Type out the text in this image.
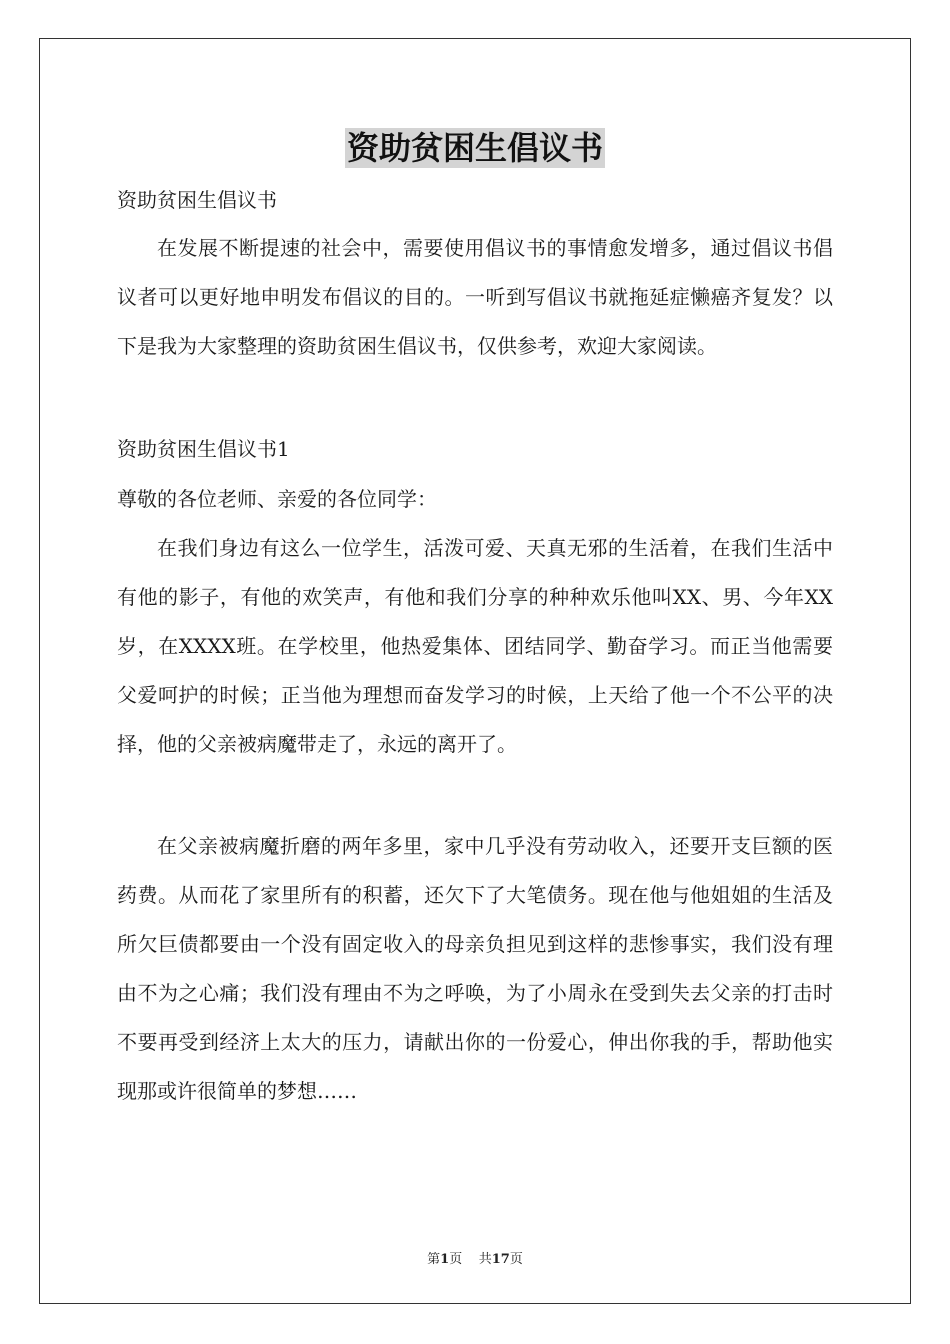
资助贫困生倡议书
资助贫困生倡议书
在发展不断提速的社会中，需要使用倡议书的事情愈发增多，通过倡议书倡议者可以更好地申明发布倡议的目的。一听到写倡议书就拖延症懒癌齐复发？以下是我为大家整理的资助贫困生倡议书，仅供参考，欢迎大家阅读。
资助贫困生倡议书1
尊敬的各位老师、亲爱的各位同学：
在我们身边有这么一位学生，活泼可爱、天真无邪的生活着，在我们生活中有他的影子，有他的欢笑声，有他和我们分享的种种欢乐他叫XX、男、今年XX岁，在XXXX班。在学校里，他热爱集体、团结同学、勤奋学习。而正当他需要父爱呵护的时候；正当他为理想而奋发学习的时候，上天给了他一个不公平的决择，他的父亲被病魔带走了，永远的离开了。
在父亲被病魔折磨的两年多里，家中几乎没有劳动收入，还要开支巨额的医药费。从而花了家里所有的积蓄，还欠下了大笔债务。现在他与他姐姐的生活及所欠巨债都要由一个没有固定收入的母亲负担见到这样的悲惨事实，我们没有理由不为之心痛；我们没有理由不为之呼唤，为了小周永在受到失去父亲的打击时不要再受到经济上太大的压力，请献出你的一份爱心，伸出你我的手，帮助他实现那或许很简单的梦想……
第1页 共17页
